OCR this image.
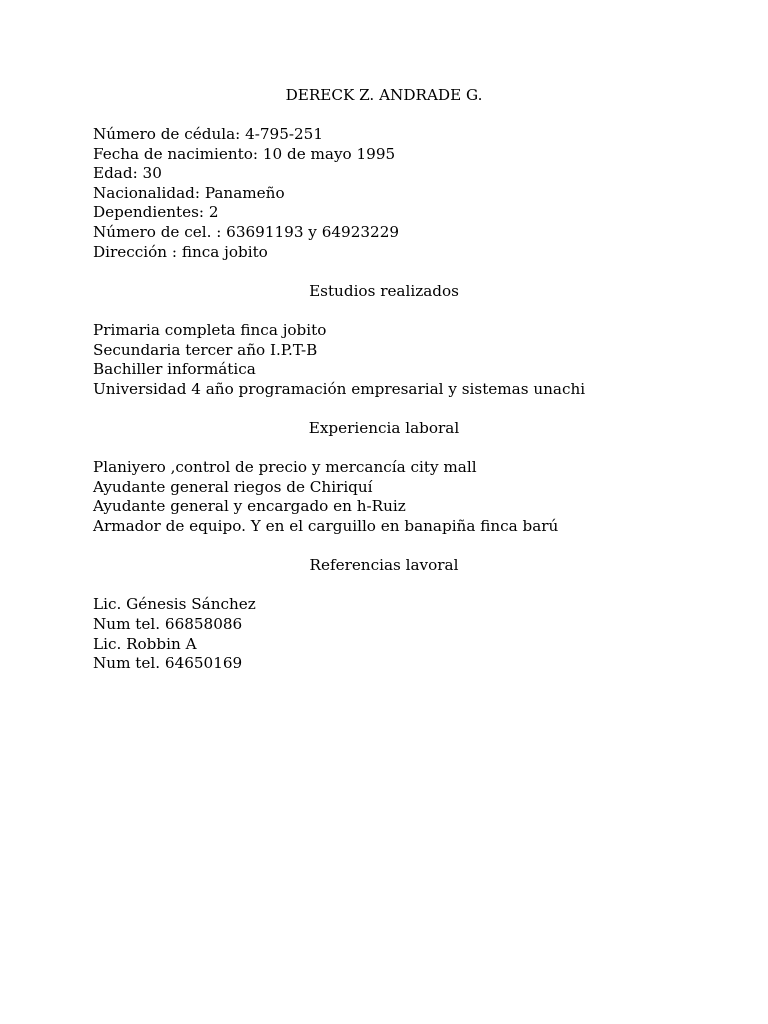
DERECK Z. ANDRADE G.
Número de cédula: 4-795-251
Fecha de nacimiento: 10 de mayo 1995
Edad: 30
Nacionalidad: Panameño
Dependientes: 2
Número de cel. : 63691193 y 64923229
Dirección : finca jobito
Estudios realizados
Primaria completa finca jobito
Secundaria tercer año I.P.T-B
Bachiller informática
Universidad 4 año programación empresarial y sistemas unachi
Experiencia laboral
Planiyero ,control de precio y mercancía city mall
Ayudante general riegos de Chiriquí
Ayudante general y encargado en h-Ruiz
Armador de equipo. Y en el carguillo en banapiña finca barú
Referencias lavoral
Lic. Génesis Sánchez
Num tel. 66858086
Lic. Robbin A
Num tel. 64650169
